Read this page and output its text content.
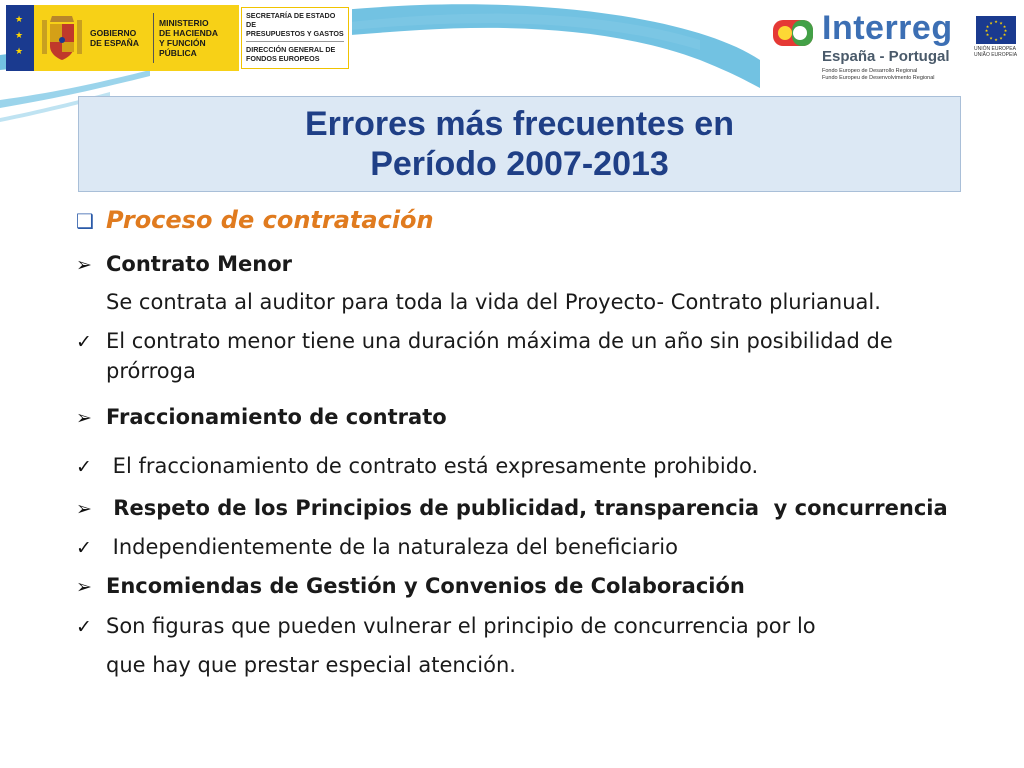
★
★
★
GOBIERNO
DE ESPAÑA
MINISTERIO
DE HACIENDA
Y FUNCIÓN PÚBLICA
SECRETARÍA DE ESTADO DE
PRESUPUESTOS Y GASTOS
DIRECCIÓN GENERAL DE
FONDOS EUROPEOS
Interreg
España - Portugal
Fondo Europeo de Desarrollo Regional
Fundo Europeu de Desenvolvimento Regional
★ ★
★
★
★
★
★
★
★
★
★
★
UNIÓN EUROPEA
UNIÃO EUROPEIA
Errores más frecuentes en
Período 2007-2013
❑ Proceso de contratación
➢ Contrato Menor
Se contrata al auditor para toda la vida del Proyecto- Contrato plurianual.
✓ El contrato menor tiene una duración máxima de un año sin posibilidad de
prórroga
➢ Fraccionamiento de contrato
✓ El fraccionamiento de contrato está expresamente prohibido.
➢ Respeto de los Principios de publicidad, transparencia  y concurrencia
✓ Independientemente de la naturaleza del beneficiario
➢ Encomiendas de Gestión y Convenios de Colaboración
✓ Son figuras que pueden vulnerar el principio de concurrencia por lo
que hay que prestar especial atención.
